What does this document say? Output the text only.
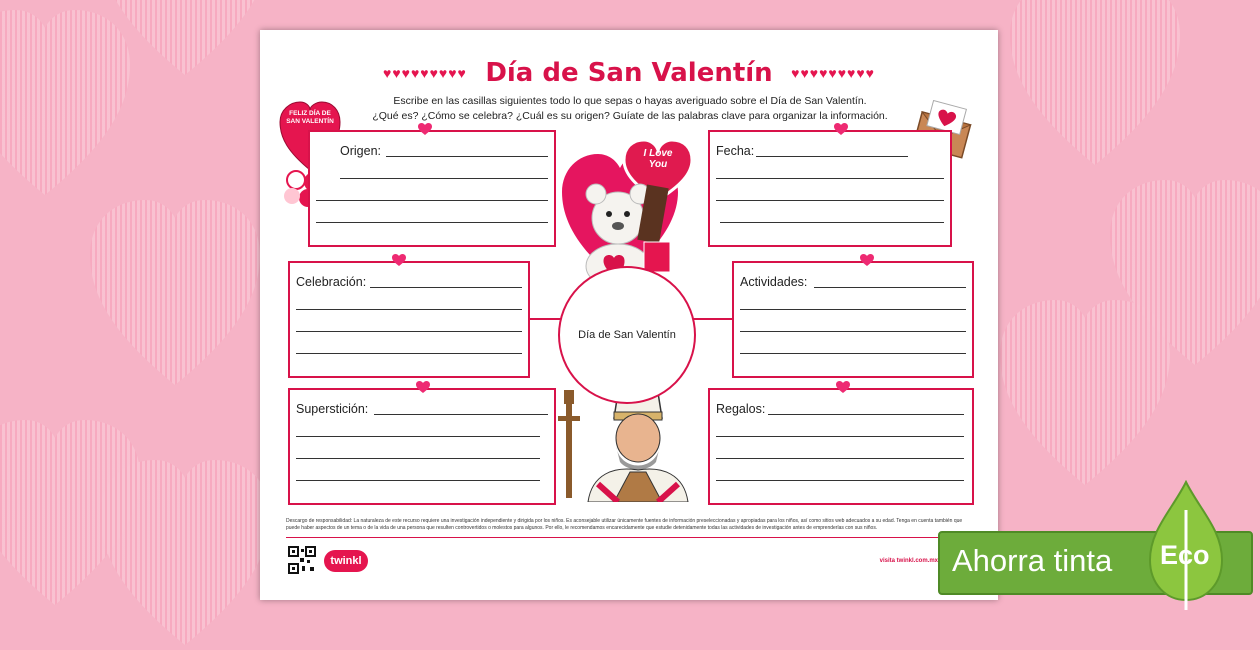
♥♥♥♥♥♥♥♥♥ Día de San Valentín ♥♥♥♥♥♥♥♥♥
Escribe en las casillas siguientes todo lo que sepas o hayas averiguado sobre el Día de San Valentín.
¿Qué es? ¿Cómo se celebra? ¿Cuál es su origen? Guíate de las palabras clave para organizar la información.
FELIZ DÍA DE SAN VALENTÍN
I Love You
Día de San Valentín
Origen:	Fecha:
Celebración:	Actividades:
Superstición:	Regalos:
Descargo de responsabilidad: La naturaleza de este recurso requiere una investigación independiente y dirigida por los niños. Es aconsejable utilizar únicamente fuentes de información preseleccionadas y apropiadas para los niños, así como sitios web adecuados a su edad. Tenga en cuenta también que puede haber aspectos de un tema o de la vida de una persona que resulten controvertidos o molestos para algunos. Por ello, le recomendamos encarecidamente que estudie detenidamente todas las actividades de investigación antes de emprenderlas con sus niños.
twinkl	visita twinkl.com.mx Ahorra tinta Eco
